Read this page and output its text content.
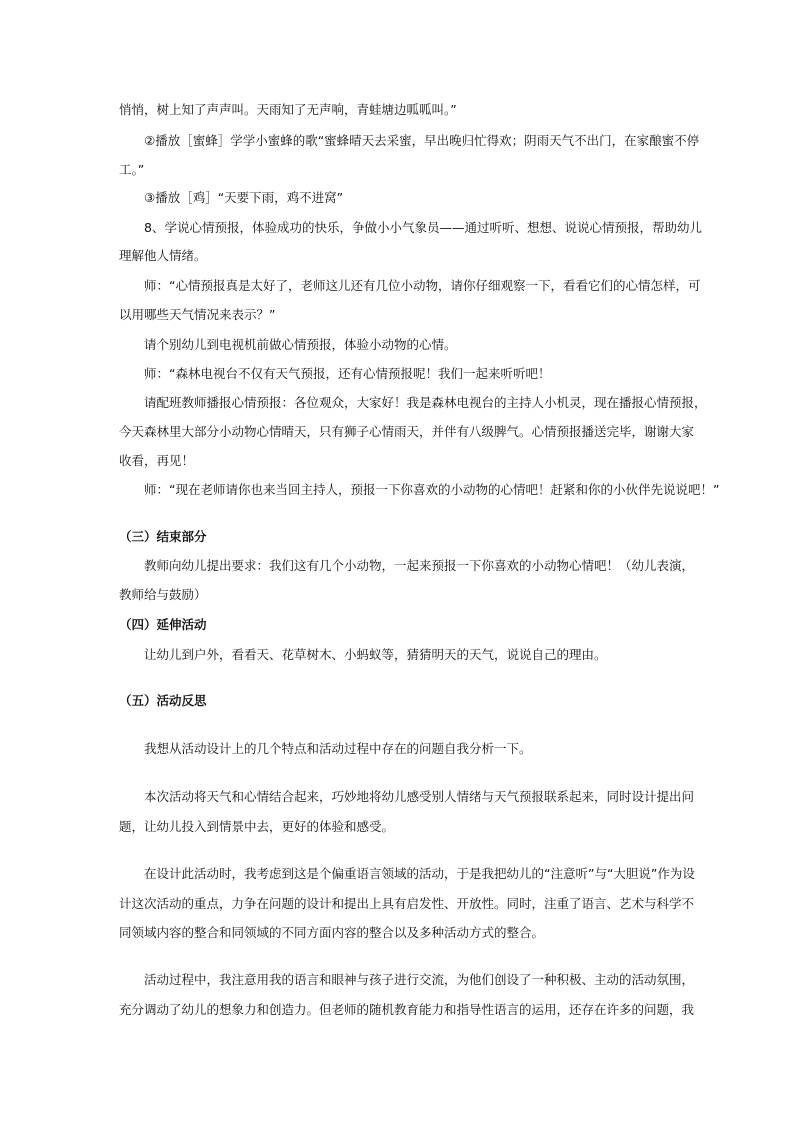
悄悄，树上知了声声叫。天雨知了无声响，青蛙塘边呱呱叫。”
②播放［蜜蜂］学学小蜜蜂的歌“蜜蜂晴天去采蜜，早出晚归忙得欢；阴雨天气不出门，在家酿蜜不停
工。”
③播放［鸡］“天要下雨，鸡不进窝”
8、学说心情预报，体验成功的快乐，争做小小气象员——通过听听、想想、说说心情预报，帮助幼儿
理解他人情绪。
师：“心情预报真是太好了，老师这儿还有几位小动物，请你仔细观察一下，看看它们的心情怎样，可
以用哪些天气情况来表示？”
请个别幼儿到电视机前做心情预报，体验小动物的心情。
师：“森林电视台不仅有天气预报，还有心情预报呢！我们一起来听听吧！
请配班教师播报心情预报：各位观众，大家好！我是森林电视台的主持人小机灵，现在播报心情预报，
今天森林里大部分小动物心情晴天，只有狮子心情雨天，并伴有八级脾气。心情预报播送完毕，谢谢大家
收看，再见！
师：“现在老师请你也来当回主持人，预报一下你喜欢的小动物的心情吧！赶紧和你的小伙伴先说说吧！”
（三）结束部分
教师向幼儿提出要求：我们这有几个小动物，一起来预报一下你喜欢的小动物心情吧！（幼儿表演，
教师给与鼓励）
（四）延伸活动
让幼儿到户外，看看天、花草树木、小蚂蚁等，猜猜明天的天气，说说自己的理由。
（五）活动反思
我想从活动设计上的几个特点和活动过程中存在的问题自我分析一下。
本次活动将天气和心情结合起来，巧妙地将幼儿感受别人情绪与天气预报联系起来，同时设计提出问
题，让幼儿投入到情景中去，更好的体验和感受。
在设计此活动时，我考虑到这是个偏重语言领域的活动，于是我把幼儿的“注意听”与“大胆说”作为设
计这次活动的重点，力争在问题的设计和提出上具有启发性、开放性。同时，注重了语言、艺术与科学不
同领域内容的整合和同领域的不同方面内容的整合以及多种活动方式的整合。
活动过程中，我注意用我的语言和眼神与孩子进行交流，为他们创设了一种积极、主动的活动氛围，
充分调动了幼儿的想象力和创造力。但老师的随机教育能力和指导性语言的运用，还存在许多的问题，我
